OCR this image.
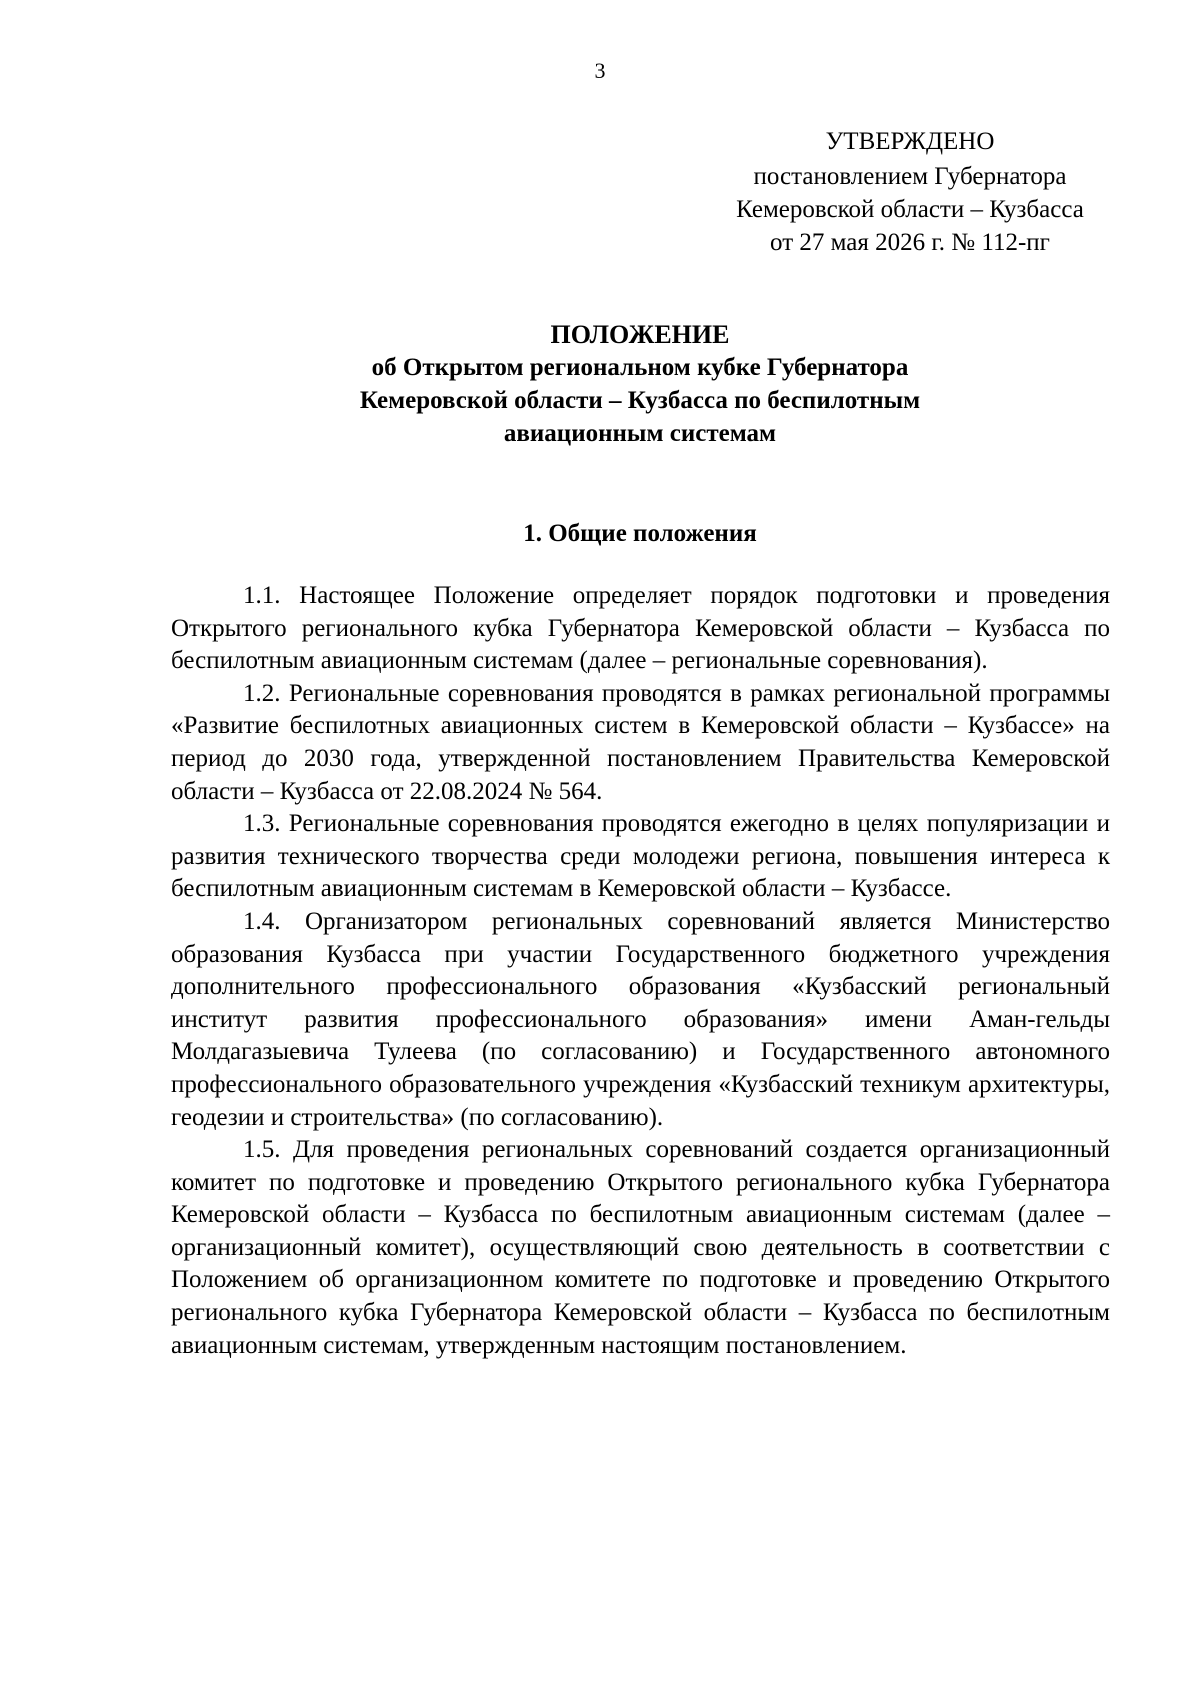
3
УТВЕРЖДЕНО
постановлением Губернатора
Кемеровской области – Кузбасса
от 27 мая 2026 г. № 112-пг
ПОЛОЖЕНИЕ
об Открытом региональном кубке Губернатора
Кемеровской области – Кузбасса по беспилотным
авиационным системам
1. Общие положения

1.1. Настоящее Положение определяет порядок подготовки и проведения Открытого регионального кубка Губернатора Кемеровской области – Кузбасса по беспилотным авиационным системам (далее – региональные соревнования).

1.2. Региональные соревнования проводятся в рамках региональной программы «Развитие беспилотных авиационных систем в Кемеровской области – Кузбассе» на период до 2030 года, утвержденной постановлением Правительства Кемеровской области – Кузбасса от 22.08.2024 № 564.

1.3. Региональные соревнования проводятся ежегодно в целях популяризации и развития технического творчества среди молодежи региона, повышения интереса к беспилотным авиационным системам в Кемеровской области – Кузбассе.

1.4. Организатором региональных соревнований является Министерство образования Кузбасса при участии Государственного бюджетного учреждения дополнительного профессионального образования «Кузбасский региональный институт развития профессионального образования» имени Аман-гельды Молдагазыевича Тулеева (по согласованию) и Государственного автономного профессионального образовательного учреждения «Кузбасский техникум архитектуры, геодезии и строительства» (по согласованию).

1.5. Для проведения региональных соревнований создается организационный комитет по подготовке и проведению Открытого регионального кубка Губернатора Кемеровской области – Кузбасса по беспилотным авиационным системам (далее – организационный комитет), осуществляющий свою деятельность в соответствии с Положением об организационном комитете по подготовке и проведению Открытого регионального кубка Губернатора Кемеровской области – Кузбасса по беспилотным авиационным системам, утвержденным настоящим постановлением.
